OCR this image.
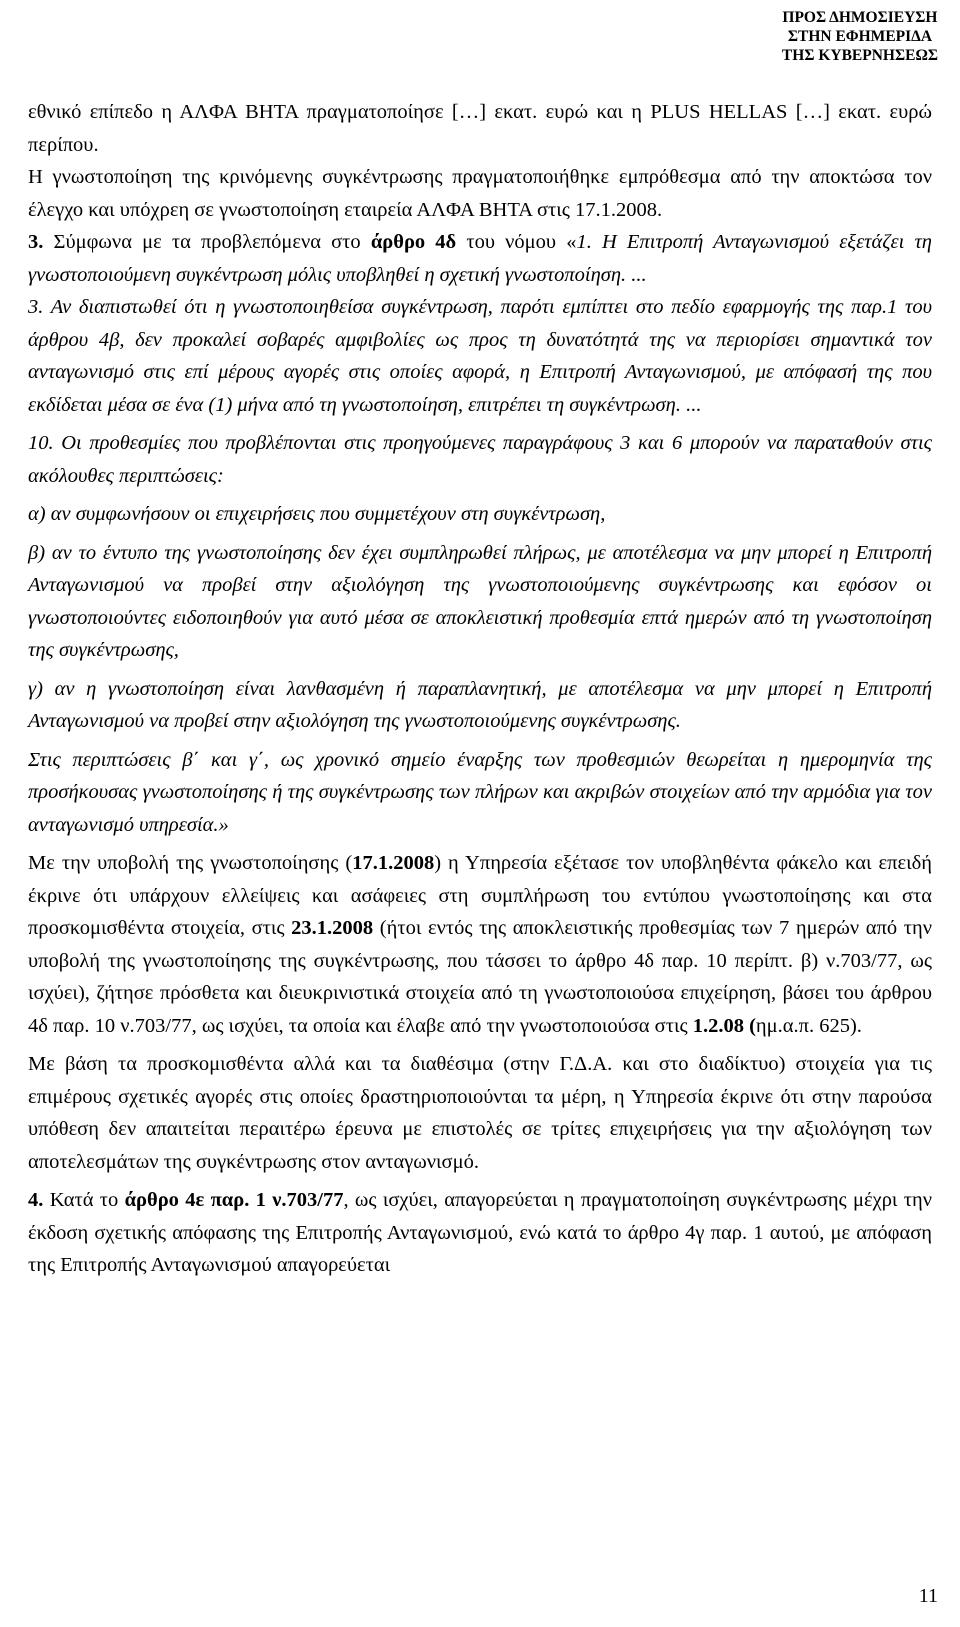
ΠΡΟΣ ΔΗΜΟΣΙΕΥΣΗ
ΣΤΗΝ ΕΦΗΜΕΡΙΔΑ
ΤΗΣ ΚΥΒΕΡΝΗΣΕΩΣ

εθνικό επίπεδο η ΑΛΦΑ ΒΗΤΑ πραγματοποίησε […] εκατ. ευρώ και η PLUS HELLAS […] εκατ. ευρώ περίπου.

Η γνωστοποίηση της κρινόμενης συγκέντρωσης πραγματοποιήθηκε εμπρόθεσμα από την αποκτώσα τον έλεγχο και υπόχρεη σε γνωστοποίηση εταιρεία ΑΛΦΑ ΒΗΤΑ στις 17.1.2008.

3. Σύμφωνα με τα προβλεπόμενα στο άρθρο 4δ του νόμου «1. Η Επιτροπή Ανταγωνισμού εξετάζει τη γνωστοποιούμενη συγκέντρωση μόλις υποβληθεί η σχετική γνωστοποίηση. ...

3. Αν διαπιστωθεί ότι η γνωστοποιηθείσα συγκέντρωση, παρότι εμπίπτει στο πεδίο εφαρμογής της παρ.1 του άρθρου 4β, δεν προκαλεί σοβαρές αμφιβολίες ως προς τη δυνατότητά της να περιορίσει σημαντικά τον ανταγωνισμό στις επί μέρους αγορές στις οποίες αφορά, η Επιτροπή Ανταγωνισμού, με απόφασή της που εκδίδεται μέσα σε ένα (1) μήνα από τη γνωστοποίηση, επιτρέπει τη συγκέντρωση. ...

10. Οι προθεσμίες που προβλέπονται στις προηγούμενες παραγράφους 3 και 6 μπορούν να παραταθούν στις ακόλουθες περιπτώσεις:

α) αν συμφωνήσουν οι επιχειρήσεις που συμμετέχουν στη συγκέντρωση,

β) αν το έντυπο της γνωστοποίησης δεν έχει συμπληρωθεί πλήρως, με αποτέλεσμα να μην μπορεί η Επιτροπή Ανταγωνισμού να προβεί στην αξιολόγηση της γνωστοποιούμενης συγκέντρωσης και εφόσον οι γνωστοποιούντες ειδοποιηθούν για αυτό μέσα σε αποκλειστική προθεσμία επτά ημερών από τη γνωστοποίηση της συγκέντρωσης,

γ) αν η γνωστοποίηση είναι λανθασμένη ή παραπλανητική, με αποτέλεσμα να μην μπορεί η Επιτροπή Ανταγωνισμού να προβεί στην αξιολόγηση της γνωστοποιούμενης συγκέντρωσης.

Στις περιπτώσεις β΄ και γ΄, ως χρονικό σημείο έναρξης των προθεσμιών θεωρείται η ημερομηνία της προσήκουσας γνωστοποίησης ή της συγκέντρωσης των πλήρων και ακριβών στοιχείων από την αρμόδια για τον ανταγωνισμό υπηρεσία.»

Με την υποβολή της γνωστοποίησης (17.1.2008) η Υπηρεσία εξέτασε τον υποβληθέντα φάκελο και επειδή έκρινε ότι υπάρχουν ελλείψεις και ασάφειες στη συμπλήρωση του εντύπου γνωστοποίησης και στα προσκομισθέντα στοιχεία, στις 23.1.2008 (ήτοι εντός της αποκλειστικής προθεσμίας των 7 ημερών από την υποβολή της γνωστοποίησης της συγκέντρωσης, που τάσσει το άρθρο 4δ παρ. 10 περίπτ. β) ν.703/77, ως ισχύει), ζήτησε πρόσθετα και διευκρινιστικά στοιχεία από τη γνωστοποιούσα επιχείρηση, βάσει του άρθρου 4δ παρ. 10 ν.703/77, ως ισχύει, τα οποία και έλαβε από την γνωστοποιούσα στις 1.2.08 (ημ.α.π. 625).

Με βάση τα προσκομισθέντα αλλά και τα διαθέσιμα (στην Γ.Δ.Α. και στο διαδίκτυο) στοιχεία για τις επιμέρους σχετικές αγορές στις οποίες δραστηριοποιούνται τα μέρη, η Υπηρεσία έκρινε ότι στην παρούσα υπόθεση δεν απαιτείται περαιτέρω έρευνα με επιστολές σε τρίτες επιχειρήσεις για την αξιολόγηση των αποτελεσμάτων της συγκέντρωσης στον ανταγωνισμό.

4. Κατά το άρθρο 4ε παρ. 1 ν.703/77, ως ισχύει, απαγορεύεται η πραγματοποίηση συγκέντρωσης μέχρι την έκδοση σχετικής απόφασης της Επιτροπής Ανταγωνισμού, ενώ κατά το άρθρο 4γ παρ. 1 αυτού, με απόφαση της Επιτροπής Ανταγωνισμού απαγορεύεται

11
